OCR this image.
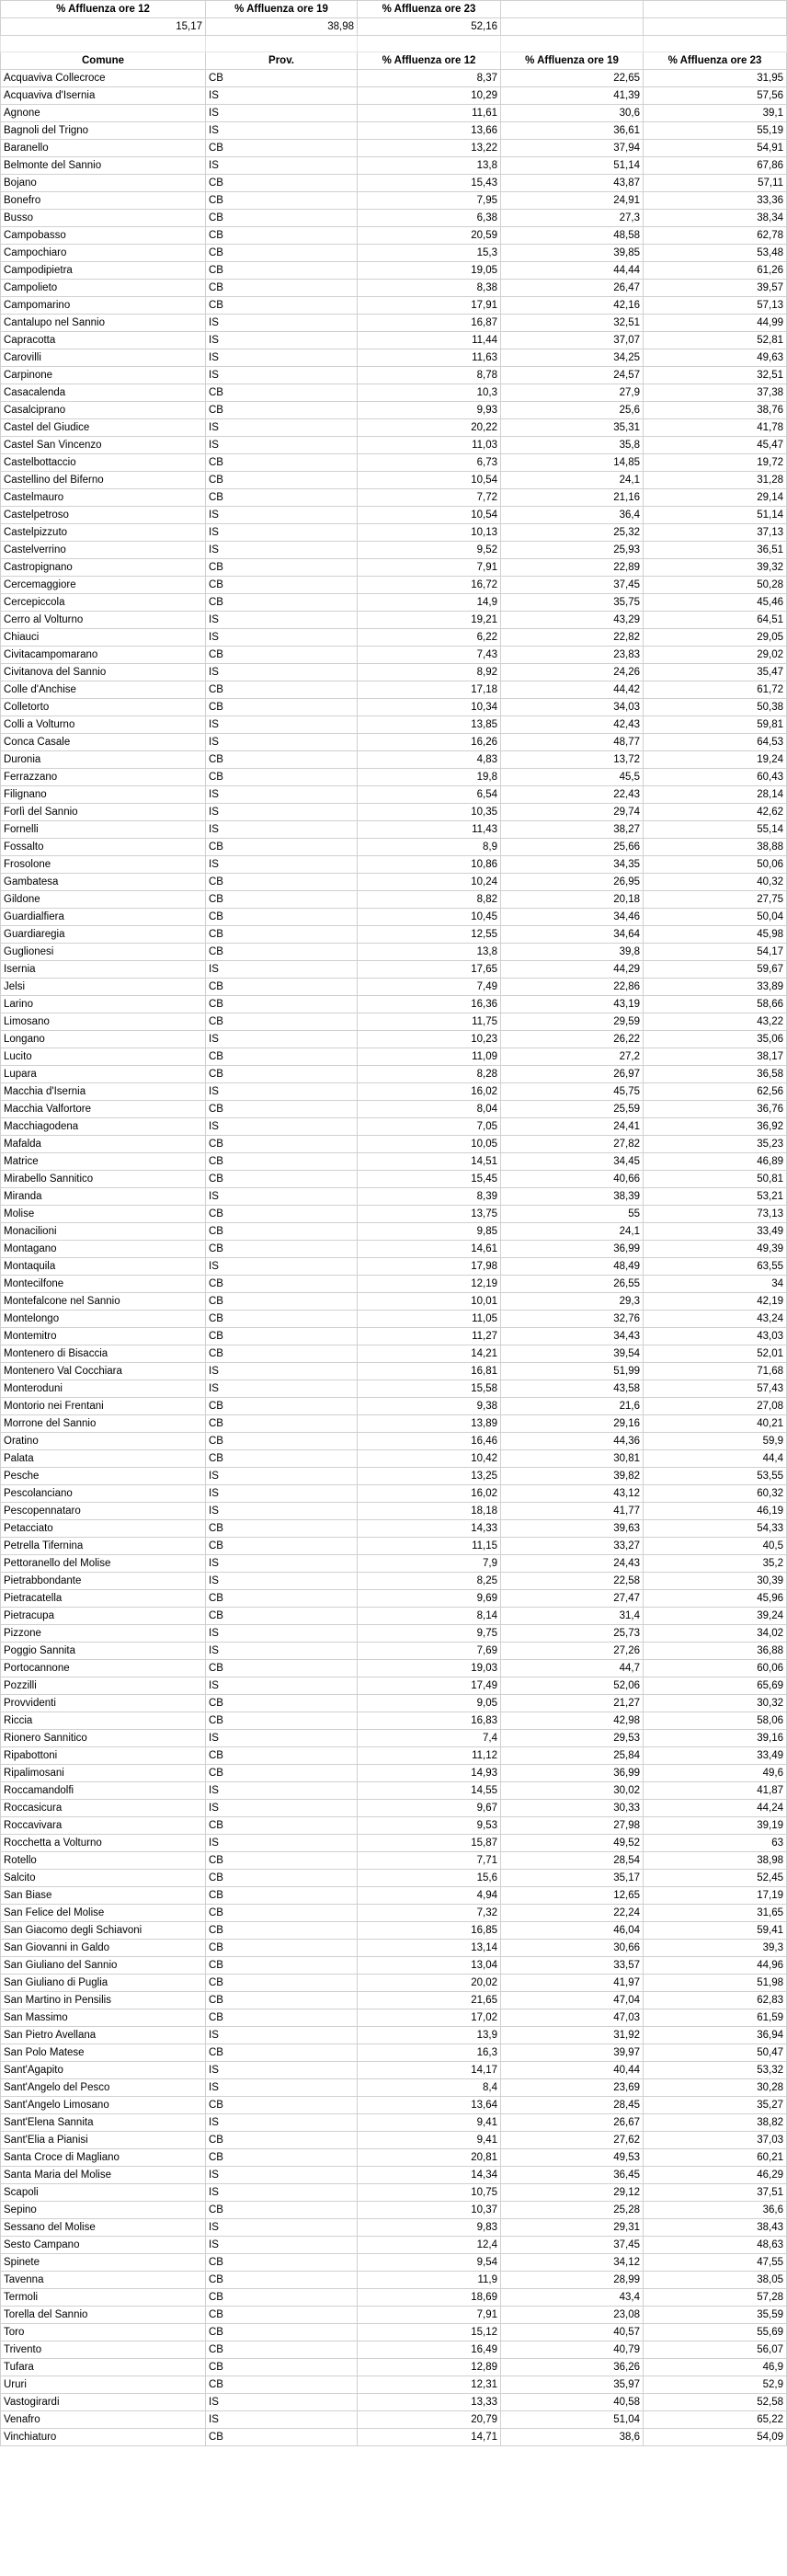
% Affluenza ore 12	% Affluenza ore 19	% Affluenza ore 23		
15,17	38,98	52,16		

Comune	Prov.	% Affluenza ore 12	% Affluenza ore 19	% Affluenza ore 23
Acquaviva Collecroce	CB	8,37	22,65	31,95
Acquaviva d'Isernia	IS	10,29	41,39	57,56
Agnone	IS	11,61	30,6	39,1
Bagnoli del Trigno	IS	13,66	36,61	55,19
Baranello	CB	13,22	37,94	54,91
Belmonte del Sannio	IS	13,8	51,14	67,86
Bojano	CB	15,43	43,87	57,11
Bonefro	CB	7,95	24,91	33,36
Busso	CB	6,38	27,3	38,34
Campobasso	CB	20,59	48,58	62,78
Campochiaro	CB	15,3	39,85	53,48
Campodipietra	CB	19,05	44,44	61,26
Campolieto	CB	8,38	26,47	39,57
Campomarino	CB	17,91	42,16	57,13
Cantalupo nel Sannio	IS	16,87	32,51	44,99
Capracotta	IS	11,44	37,07	52,81
Carovilli	IS	11,63	34,25	49,63
Carpinone	IS	8,78	24,57	32,51
Casacalenda	CB	10,3	27,9	37,38
Casalciprano	CB	9,93	25,6	38,76
Castel del Giudice	IS	20,22	35,31	41,78
Castel San Vincenzo	IS	11,03	35,8	45,47
Castelbottaccio	CB	6,73	14,85	19,72
Castellino del Biferno	CB	10,54	24,1	31,28
Castelmauro	CB	7,72	21,16	29,14
Castelpetroso	IS	10,54	36,4	51,14
Castelpizzuto	IS	10,13	25,32	37,13
Castelverrino	IS	9,52	25,93	36,51
Castropignano	CB	7,91	22,89	39,32
Cercemaggiore	CB	16,72	37,45	50,28
Cercepiccola	CB	14,9	35,75	45,46
Cerro al Volturno	IS	19,21	43,29	64,51
Chiauci	IS	6,22	22,82	29,05
Civitacampomarano	CB	7,43	23,83	29,02
Civitanova del Sannio	IS	8,92	24,26	35,47
Colle d'Anchise	CB	17,18	44,42	61,72
Colletorto	CB	10,34	34,03	50,38
Colli a Volturno	IS	13,85	42,43	59,81
Conca Casale	IS	16,26	48,77	64,53
Duronia	CB	4,83	13,72	19,24
Ferrazzano	CB	19,8	45,5	60,43
Filignano	IS	6,54	22,43	28,14
Forlì del Sannio	IS	10,35	29,74	42,62
Fornelli	IS	11,43	38,27	55,14
Fossalto	CB	8,9	25,66	38,88
Frosolone	IS	10,86	34,35	50,06
Gambatesa	CB	10,24	26,95	40,32
Gildone	CB	8,82	20,18	27,75
Guardialfiera	CB	10,45	34,46	50,04
Guardiaregia	CB	12,55	34,64	45,98
Guglionesi	CB	13,8	39,8	54,17
Isernia	IS	17,65	44,29	59,67
Jelsi	CB	7,49	22,86	33,89
Larino	CB	16,36	43,19	58,66
Limosano	CB	11,75	29,59	43,22
Longano	IS	10,23	26,22	35,06
Lucito	CB	11,09	27,2	38,17
Lupara	CB	8,28	26,97	36,58
Macchia d'Isernia	IS	16,02	45,75	62,56
Macchia Valfortore	CB	8,04	25,59	36,76
Macchiagodena	IS	7,05	24,41	36,92
Mafalda	CB	10,05	27,82	35,23
Matrice	CB	14,51	34,45	46,89
Mirabello Sannitico	CB	15,45	40,66	50,81
Miranda	IS	8,39	38,39	53,21
Molise	CB	13,75	55	73,13
Monacilioni	CB	9,85	24,1	33,49
Montagano	CB	14,61	36,99	49,39
Montaquila	IS	17,98	48,49	63,55
Montecilfone	CB	12,19	26,55	34
Montefalcone nel Sannio	CB	10,01	29,3	42,19
Montelongo	CB	11,05	32,76	43,24
Montemitro	CB	11,27	34,43	43,03
Montenero di Bisaccia	CB	14,21	39,54	52,01
Montenero Val Cocchiara	IS	16,81	51,99	71,68
Monteroduni	IS	15,58	43,58	57,43
Montorio nei Frentani	CB	9,38	21,6	27,08
Morrone del Sannio	CB	13,89	29,16	40,21
Oratino	CB	16,46	44,36	59,9
Palata	CB	10,42	30,81	44,4
Pesche	IS	13,25	39,82	53,55
Pescolanciano	IS	16,02	43,12	60,32
Pescopennataro	IS	18,18	41,77	46,19
Petacciato	CB	14,33	39,63	54,33
Petrella Tifernina	CB	11,15	33,27	40,5
Pettoranello del Molise	IS	7,9	24,43	35,2
Pietrabbondante	IS	8,25	22,58	30,39
Pietracatella	CB	9,69	27,47	45,96
Pietracupa	CB	8,14	31,4	39,24
Pizzone	IS	9,75	25,73	34,02
Poggio Sannita	IS	7,69	27,26	36,88
Portocannone	CB	19,03	44,7	60,06
Pozzilli	IS	17,49	52,06	65,69
Provvidenti	CB	9,05	21,27	30,32
Riccia	CB	16,83	42,98	58,06
Rionero Sannitico	IS	7,4	29,53	39,16
Ripabottoni	CB	11,12	25,84	33,49
Ripalimosani	CB	14,93	36,99	49,6
Roccamandolfi	IS	14,55	30,02	41,87
Roccasicura	IS	9,67	30,33	44,24
Roccavivara	CB	9,53	27,98	39,19
Rocchetta a Volturno	IS	15,87	49,52	63
Rotello	CB	7,71	28,54	38,98
Salcito	CB	15,6	35,17	52,45
San Biase	CB	4,94	12,65	17,19
San Felice del Molise	CB	7,32	22,24	31,65
San Giacomo degli Schiavoni	CB	16,85	46,04	59,41
San Giovanni in Galdo	CB	13,14	30,66	39,3
San Giuliano del Sannio	CB	13,04	33,57	44,96
San Giuliano di Puglia	CB	20,02	41,97	51,98
San Martino in Pensilis	CB	21,65	47,04	62,83
San Massimo	CB	17,02	47,03	61,59
San Pietro Avellana	IS	13,9	31,92	36,94
San Polo Matese	CB	16,3	39,97	50,47
Sant'Agapito	IS	14,17	40,44	53,32
Sant'Angelo del Pesco	IS	8,4	23,69	30,28
Sant'Angelo Limosano	CB	13,64	28,45	35,27
Sant'Elena Sannita	IS	9,41	26,67	38,82
Sant'Elia a Pianisi	CB	9,41	27,62	37,03
Santa Croce di Magliano	CB	20,81	49,53	60,21
Santa Maria del Molise	IS	14,34	36,45	46,29
Scapoli	IS	10,75	29,12	37,51
Sepino	CB	10,37	25,28	36,6
Sessano del Molise	IS	9,83	29,31	38,43
Sesto Campano	IS	12,4	37,45	48,63
Spinete	CB	9,54	34,12	47,55
Tavenna	CB	11,9	28,99	38,05
Termoli	CB	18,69	43,4	57,28
Torella del Sannio	CB	7,91	23,08	35,59
Toro	CB	15,12	40,57	55,69
Trivento	CB	16,49	40,79	56,07
Tufara	CB	12,89	36,26	46,9
Ururi	CB	12,31	35,97	52,9
Vastogirardi	IS	13,33	40,58	52,58
Venafro	IS	20,79	51,04	65,22
Vinchiaturo	CB	14,71	38,6	54,09
